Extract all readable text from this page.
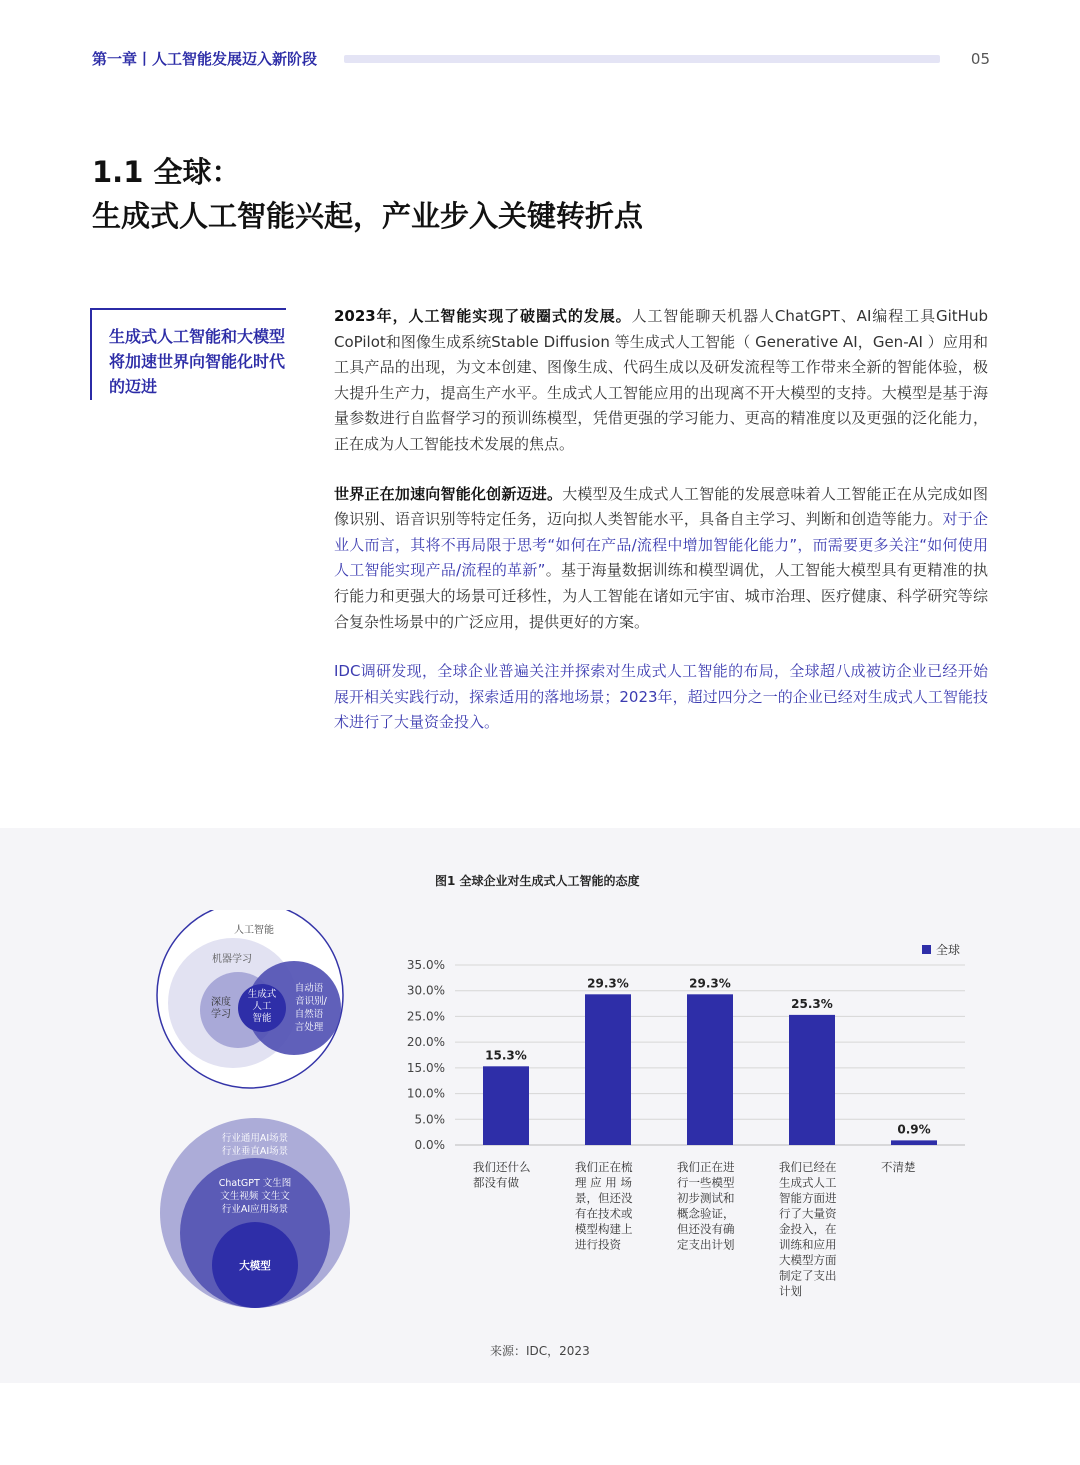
第一章丨人工智能发展迈入新阶段	05
1.1 全球：
生成式人工智能兴起，产业步入关键转折点
生成式人工智能和大模型将加速世界向智能化时代的迈进

2023年，人工智能实现了破圈式的发展。人工智能聊天机器人ChatGPT、AI编程工具GitHub CoPilot和图像生成系统Stable Diffusion 等生成式人工智能（ Generative AI，Gen-AI ）应用和工具产品的出现，为文本创建、图像生成、代码生成以及研发流程等工作带来全新的智能体验，极大提升生产力，提高生产水平。生成式人工智能应用的出现离不开大模型的支持。大模型是基于海量参数进行自监督学习的预训练模型，凭借更强的学习能力、更高的精准度以及更强的泛化能力，正在成为人工智能技术发展的焦点。

世界正在加速向智能化创新迈进。大模型及生成式人工智能的发展意味着人工智能正在从完成如图像识别、语音识别等特定任务，迈向拟人类智能水平，具备自主学习、判断和创造等能力。对于企业人而言，其将不再局限于思考“如何在产品/流程中增加智能化能力”，而需要更多关注“如何使用人工智能实现产品/流程的革新”。基于海量数据训练和模型调优，人工智能大模型具有更精准的执行能力和更强大的场景可迁移性，为人工智能在诸如元宇宙、城市治理、医疗健康、科学研究等综合复杂性场景中的广泛应用，提供更好的方案。

IDC调研发现，全球企业普遍关注并探索对生成式人工智能的布局，全球超八成被访企业已经开始展开相关实践行动，探索适用的落地场景；2023年，超过四分之一的企业已经对生成式人工智能技术进行了大量资金投入。

图1 全球企业对生成式人工智能的态度
人工智能
机器学习
深度
学习
生成式
人工
智能
自动语
音识别/
自然语
言处理
行业通用AI场景
行业垂直AI场景
ChatGPT 文生图
文生视频 文生文
行业AI应用场景
大模型
0.0%
5.0%
10.0%
15.0%
20.0%
25.0%
30.0%
35.0%
15.3%
我们还什么
都没有做
29.3%
我们正在梳
理 应 用 场
景，但还没
有在技术或
模型构建上
进行投资
29.3%
我们正在进
行一些模型
初步测试和
概念验证，
但还没有确
定支出计划
25.3%
我们已经在
生成式人工
智能方面进
行了大量资
金投入，在
训练和应用
大模型方面
制定了支出
计划
0.9%
不清楚
全球
来源：IDC，2023
